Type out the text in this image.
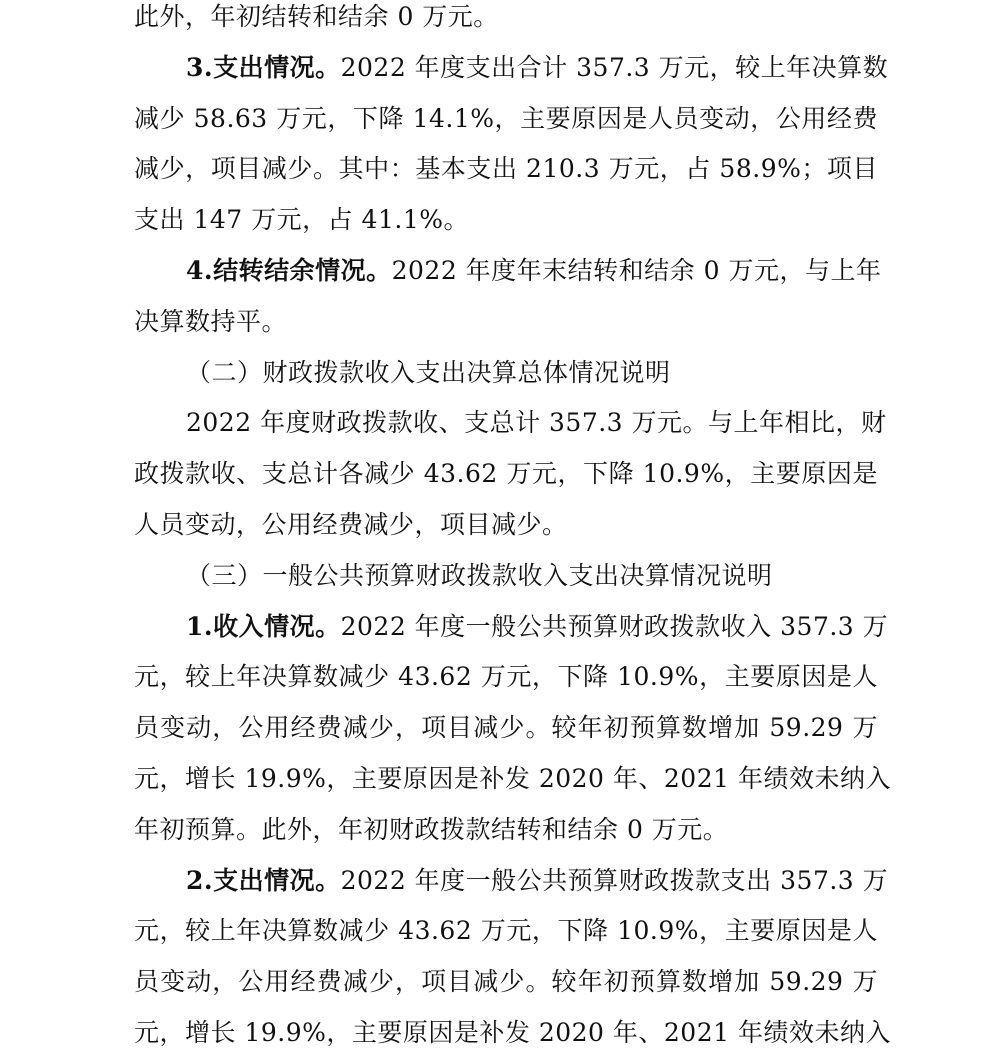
此外，年初结转和结余 0 万元。
3.支出情况。2022 年度支出合计 357.3 万元，较上年决算数
减少 58.63 万元，下降 14.1%，主要原因是人员变动，公用经费
减少，项目减少。其中：基本支出 210.3 万元，占 58.9%；项目
支出 147 万元，占 41.1%。
4.结转结余情况。2022 年度年末结转和结余 0 万元，与上年
决算数持平。
（二）财政拨款收入支出决算总体情况说明
2022 年度财政拨款收、支总计 357.3 万元。与上年相比，财
政拨款收、支总计各减少 43.62 万元，下降 10.9%，主要原因是
人员变动，公用经费减少，项目减少。
（三）一般公共预算财政拨款收入支出决算情况说明
1.收入情况。2022 年度一般公共预算财政拨款收入 357.3 万
元，较上年决算数减少 43.62 万元，下降 10.9%，主要原因是人
员变动，公用经费减少，项目减少。较年初预算数增加 59.29 万
元，增长 19.9%，主要原因是补发 2020 年、2021 年绩效未纳入
年初预算。此外，年初财政拨款结转和结余 0 万元。
2.支出情况。2022 年度一般公共预算财政拨款支出 357.3 万
元，较上年决算数减少 43.62 万元，下降 10.9%，主要原因是人
员变动，公用经费减少，项目减少。较年初预算数增加 59.29 万
元，增长 19.9%，主要原因是补发 2020 年、2021 年绩效未纳入
